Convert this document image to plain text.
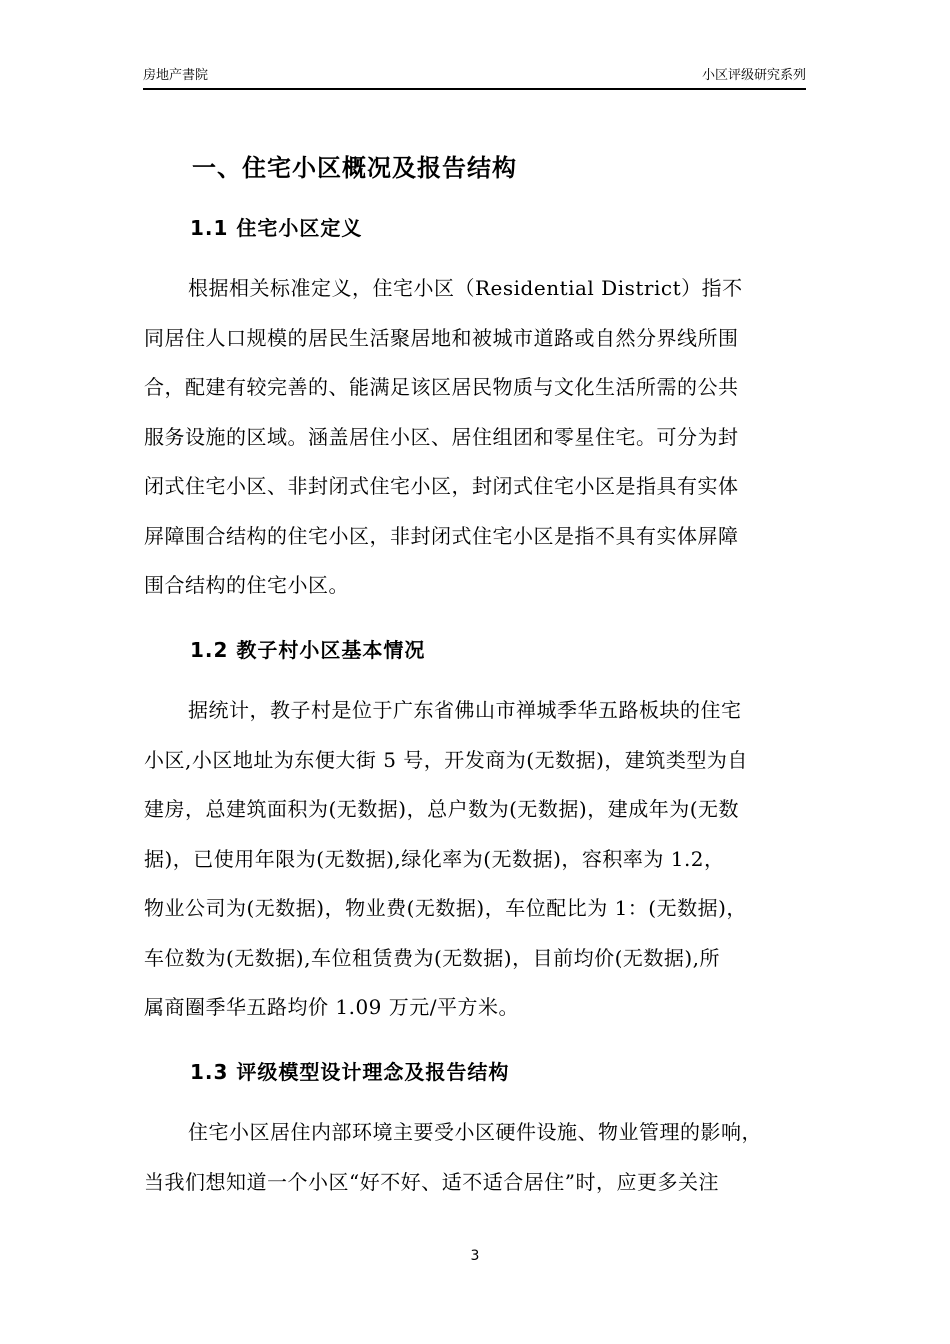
房地产書院	小区评级研究系列
一、住宅小区概况及报告结构
1.1 住宅小区定义
根据相关标准定义，住宅小区（Residential District）指不
同居住人口规模的居民生活聚居地和被城市道路或自然分界线所围
合，配建有较完善的、能满足该区居民物质与文化生活所需的公共
服务设施的区域。涵盖居住小区、居住组团和零星住宅。可分为封
闭式住宅小区、非封闭式住宅小区，封闭式住宅小区是指具有实体
屏障围合结构的住宅小区，非封闭式住宅小区是指不具有实体屏障
围合结构的住宅小区。
1.2 教子村小区基本情况
据统计，教子村是位于广东省佛山市禅城季华五路板块的住宅
小区,小区地址为东便大街 5 号，开发商为(无数据)，建筑类型为自
建房，总建筑面积为(无数据)，总户数为(无数据)，建成年为(无数
据)，已使用年限为(无数据),绿化率为(无数据)，容积率为 1.2，
物业公司为(无数据)，物业费(无数据)，车位配比为 1：(无数据)，
车位数为(无数据),车位租赁费为(无数据)，目前均价(无数据),所
属商圈季华五路均价 1.09 万元/平方米。
1.3 评级模型设计理念及报告结构
住宅小区居住内部环境主要受小区硬件设施、物业管理的影响，
当我们想知道一个小区“好不好、适不适合居住”时，应更多关注
3
